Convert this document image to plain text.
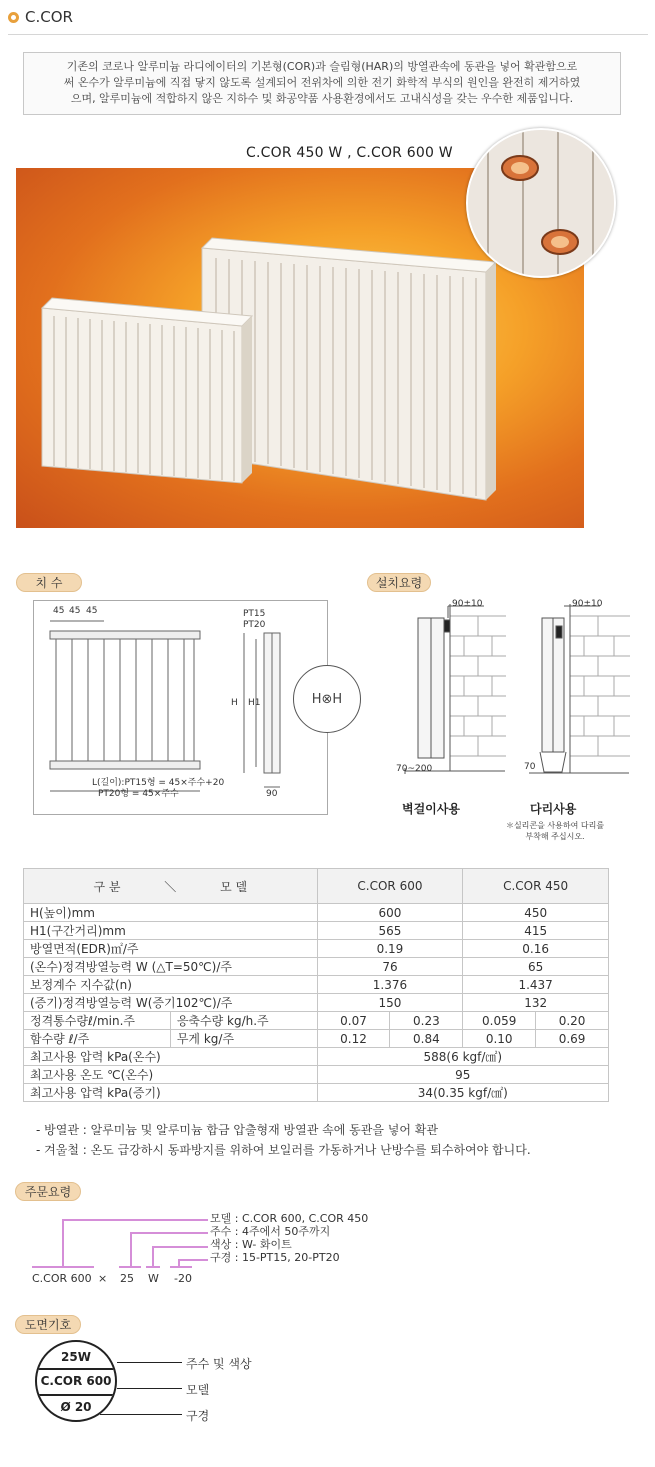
C.COR
기존의 코로나 알루미늄 라디에이터의 기본형(COR)과 슬림형(HAR)의 방열관속에 동관을 넣어 확관함으로
써 온수가 알루미늄에 직접 닿지 않도록 설계되어 전위차에 의한 전기 화학적 부식의 원인을 완전히 제거하였
으며, 알루미늄에 적합하지 않은 지하수 및 화공약품 사용환경에서도 고내식성을 갖는 우수한 제품입니다.
C.COR 450 W , C.COR 600 W
치 수	설치요령
45 45 45	PT15
PT20
H H1
L(길이):PT15형 = 45×주수+20
PT20형 = 45×주수	90
H⊗H
90±10
70~200
벽걸이사용
90±10
70
다리사용
＊실리콘을 사용하여 다리를
부착해 주십시오.
구 분 ＼ 모 델		C.COR 600		C.COR 450	
H(높이)mm		600		450	
H1(구간거리)mm		565		415	
방열면적(EDR)㎡/주		0.19		0.16	
(온수)정격방열능력 W (△T=50℃)/주		76		65	
보정계수 지수값(n)		1.376		1.437	
(증기)정격방열능력 W(증기102℃)/주		150		132	
정격통수량ℓ/min.주	응축수량 kg/h.주	0.07	0.23	0.059	0.20
함수량 ℓ/주	무게 kg/주	0.12	0.84	0.10	0.69
최고사용 압력 kPa(온수)		588(6 kgf/㎠)			
최고사용 온도 ℃(온수)		95			
최고사용 압력 kPa(증기)		34(0.35 kgf/㎠)			
- 방열관 : 알루미늄 및 알루미늄 합금 압출형재 방열관 속에 동관을 넣어 확관
- 겨울철 : 온도 급강하시 동파방지를 위하여 보일러를 가동하거나 난방수를 퇴수하여야 합니다.
주문요령
모델 : C.COR 600, C.COR 450
주수 : 4주에서 50주까지
색상 : W- 화이트
구경 : 15-PT15, 20-PT20
C.COR 600 ×	25	W	-20
도면기호
25W
C.COR 600
Ø 20
주수 및 색상
모델
구경
